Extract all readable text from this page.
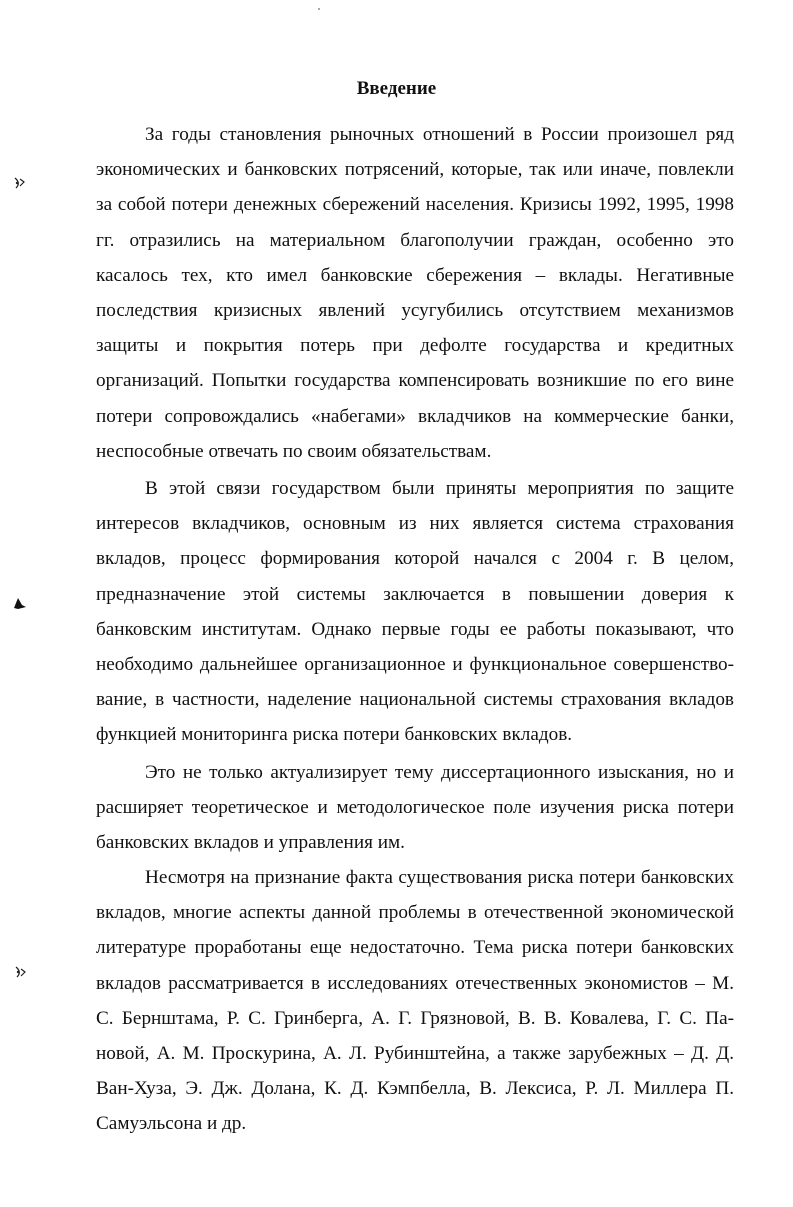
Введение

За годы становления рыночных отношений в России произошел ряд экономических и банковских потрясений, которые, так или иначе, повлекли за собой потери денежных сбережений населения. Кризисы 1992, 1995, 1998 гг. отразились на материальном благополучии граждан, особенно это касалось тех, кто имел банковские сбережения – вклады. Негативные последствия кризисных явлений усугубились отсутствием механизмов защиты и покрытия потерь при дефолте государства и кредитных организаций. Попытки государства компенсировать возникшие по его вине потери сопровождались «набегами» вкладчиков на коммерческие банки, неспособные отвечать по своим обязательствам.

В этой связи государством были приняты мероприятия по защите интересов вкладчиков, основным из них является система страхования вкладов, процесс формирования которой начался с 2004 г. В целом, предназначение этой системы заключается в повышении доверия к банковским институтам. Однако первые годы ее работы показывают, что необходимо дальнейшее организационное и функциональное совершенствование, в частности, наделение национальной системы страхования вкладов функцией мониторинга риска потери банковских вкладов.

Это не только актуализирует тему диссертационного изыскания, но и расширяет теоретическое и методологическое поле изучения риска потери банковских вкладов и управления им.

Несмотря на признание факта существования риска потери банковских вкладов, многие аспекты данной проблемы в отечественной экономической литературе проработаны еще недостаточно. Тема риска потери банковских вкладов рассматривается в исследованиях отечественных экономистов – М. С. Бернштама, Р. С. Гринберга, А. Г. Грязновой, В. В. Ковалева, Г. С. Пановой, А. М. Проскурина, А. Л. Рубинштейна, а также зарубежных – Д. Д. Ван-Хуза, Э. Дж. Долана, К. Д. Кэмпбелла, В. Лексиса, Р. Л. Миллера П. Самуэльсона и др.
